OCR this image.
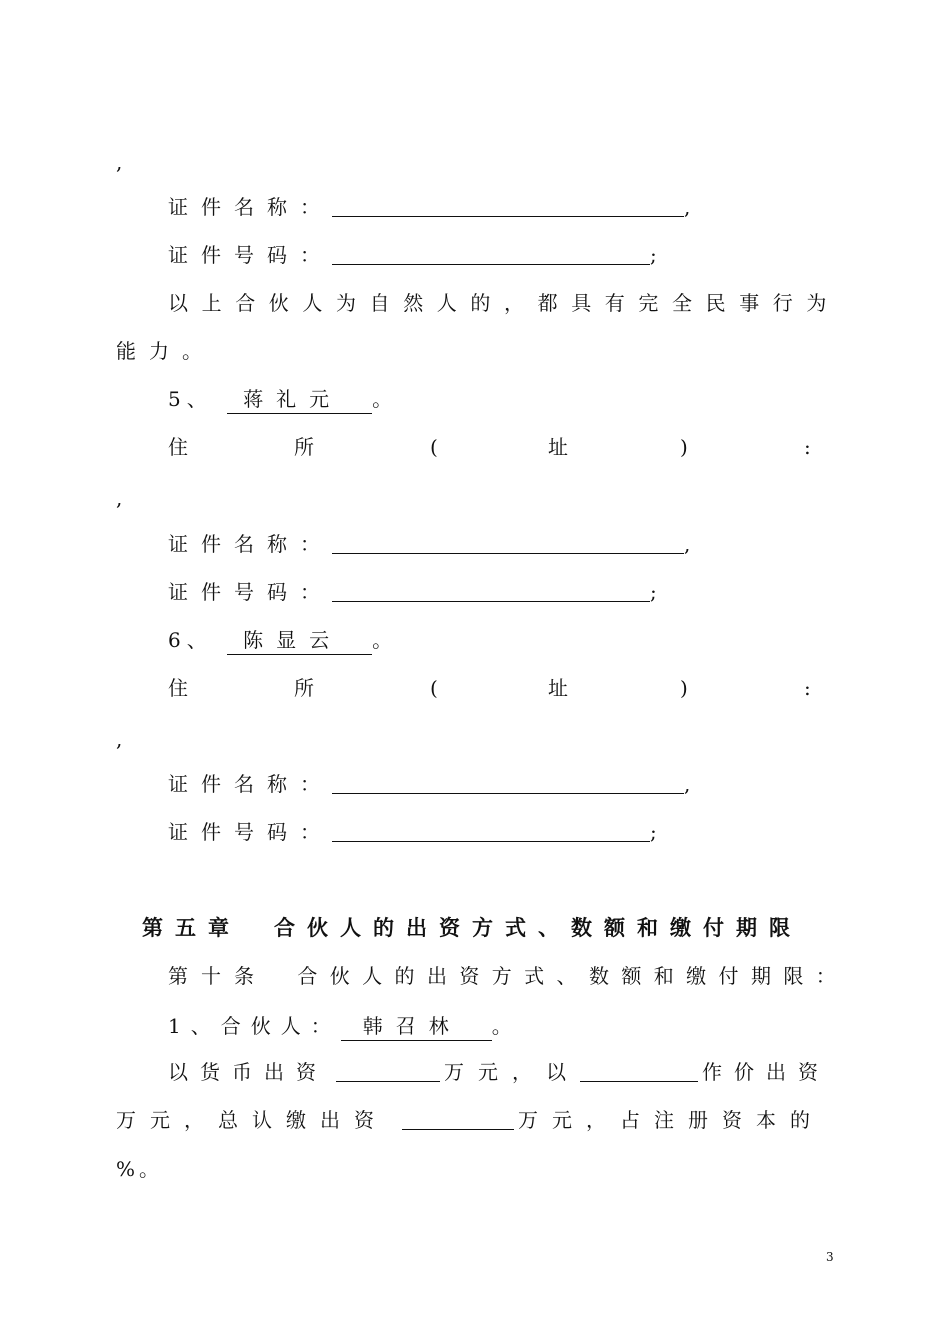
,
证件名称：	,
证件号码：	;
以上合伙人为自然人的，都具有完全民事行为
能力。
5、 蒋礼元 。
住	所	(	址	)	:
,
证件名称：	,
证件号码：	;
6、 陈显云 。
住	所	(	址	)	:
,
证件名称：	,
证件号码：	;
第五章　合伙人的出资方式、数额和缴付期限
第十条 合伙人的出资方式、数额和缴付期限：
1、合伙人： 韩召林 。
以货币出资	万元，以	作价出资
万元，总认缴出资	万元，占注册资本的
%。
3
